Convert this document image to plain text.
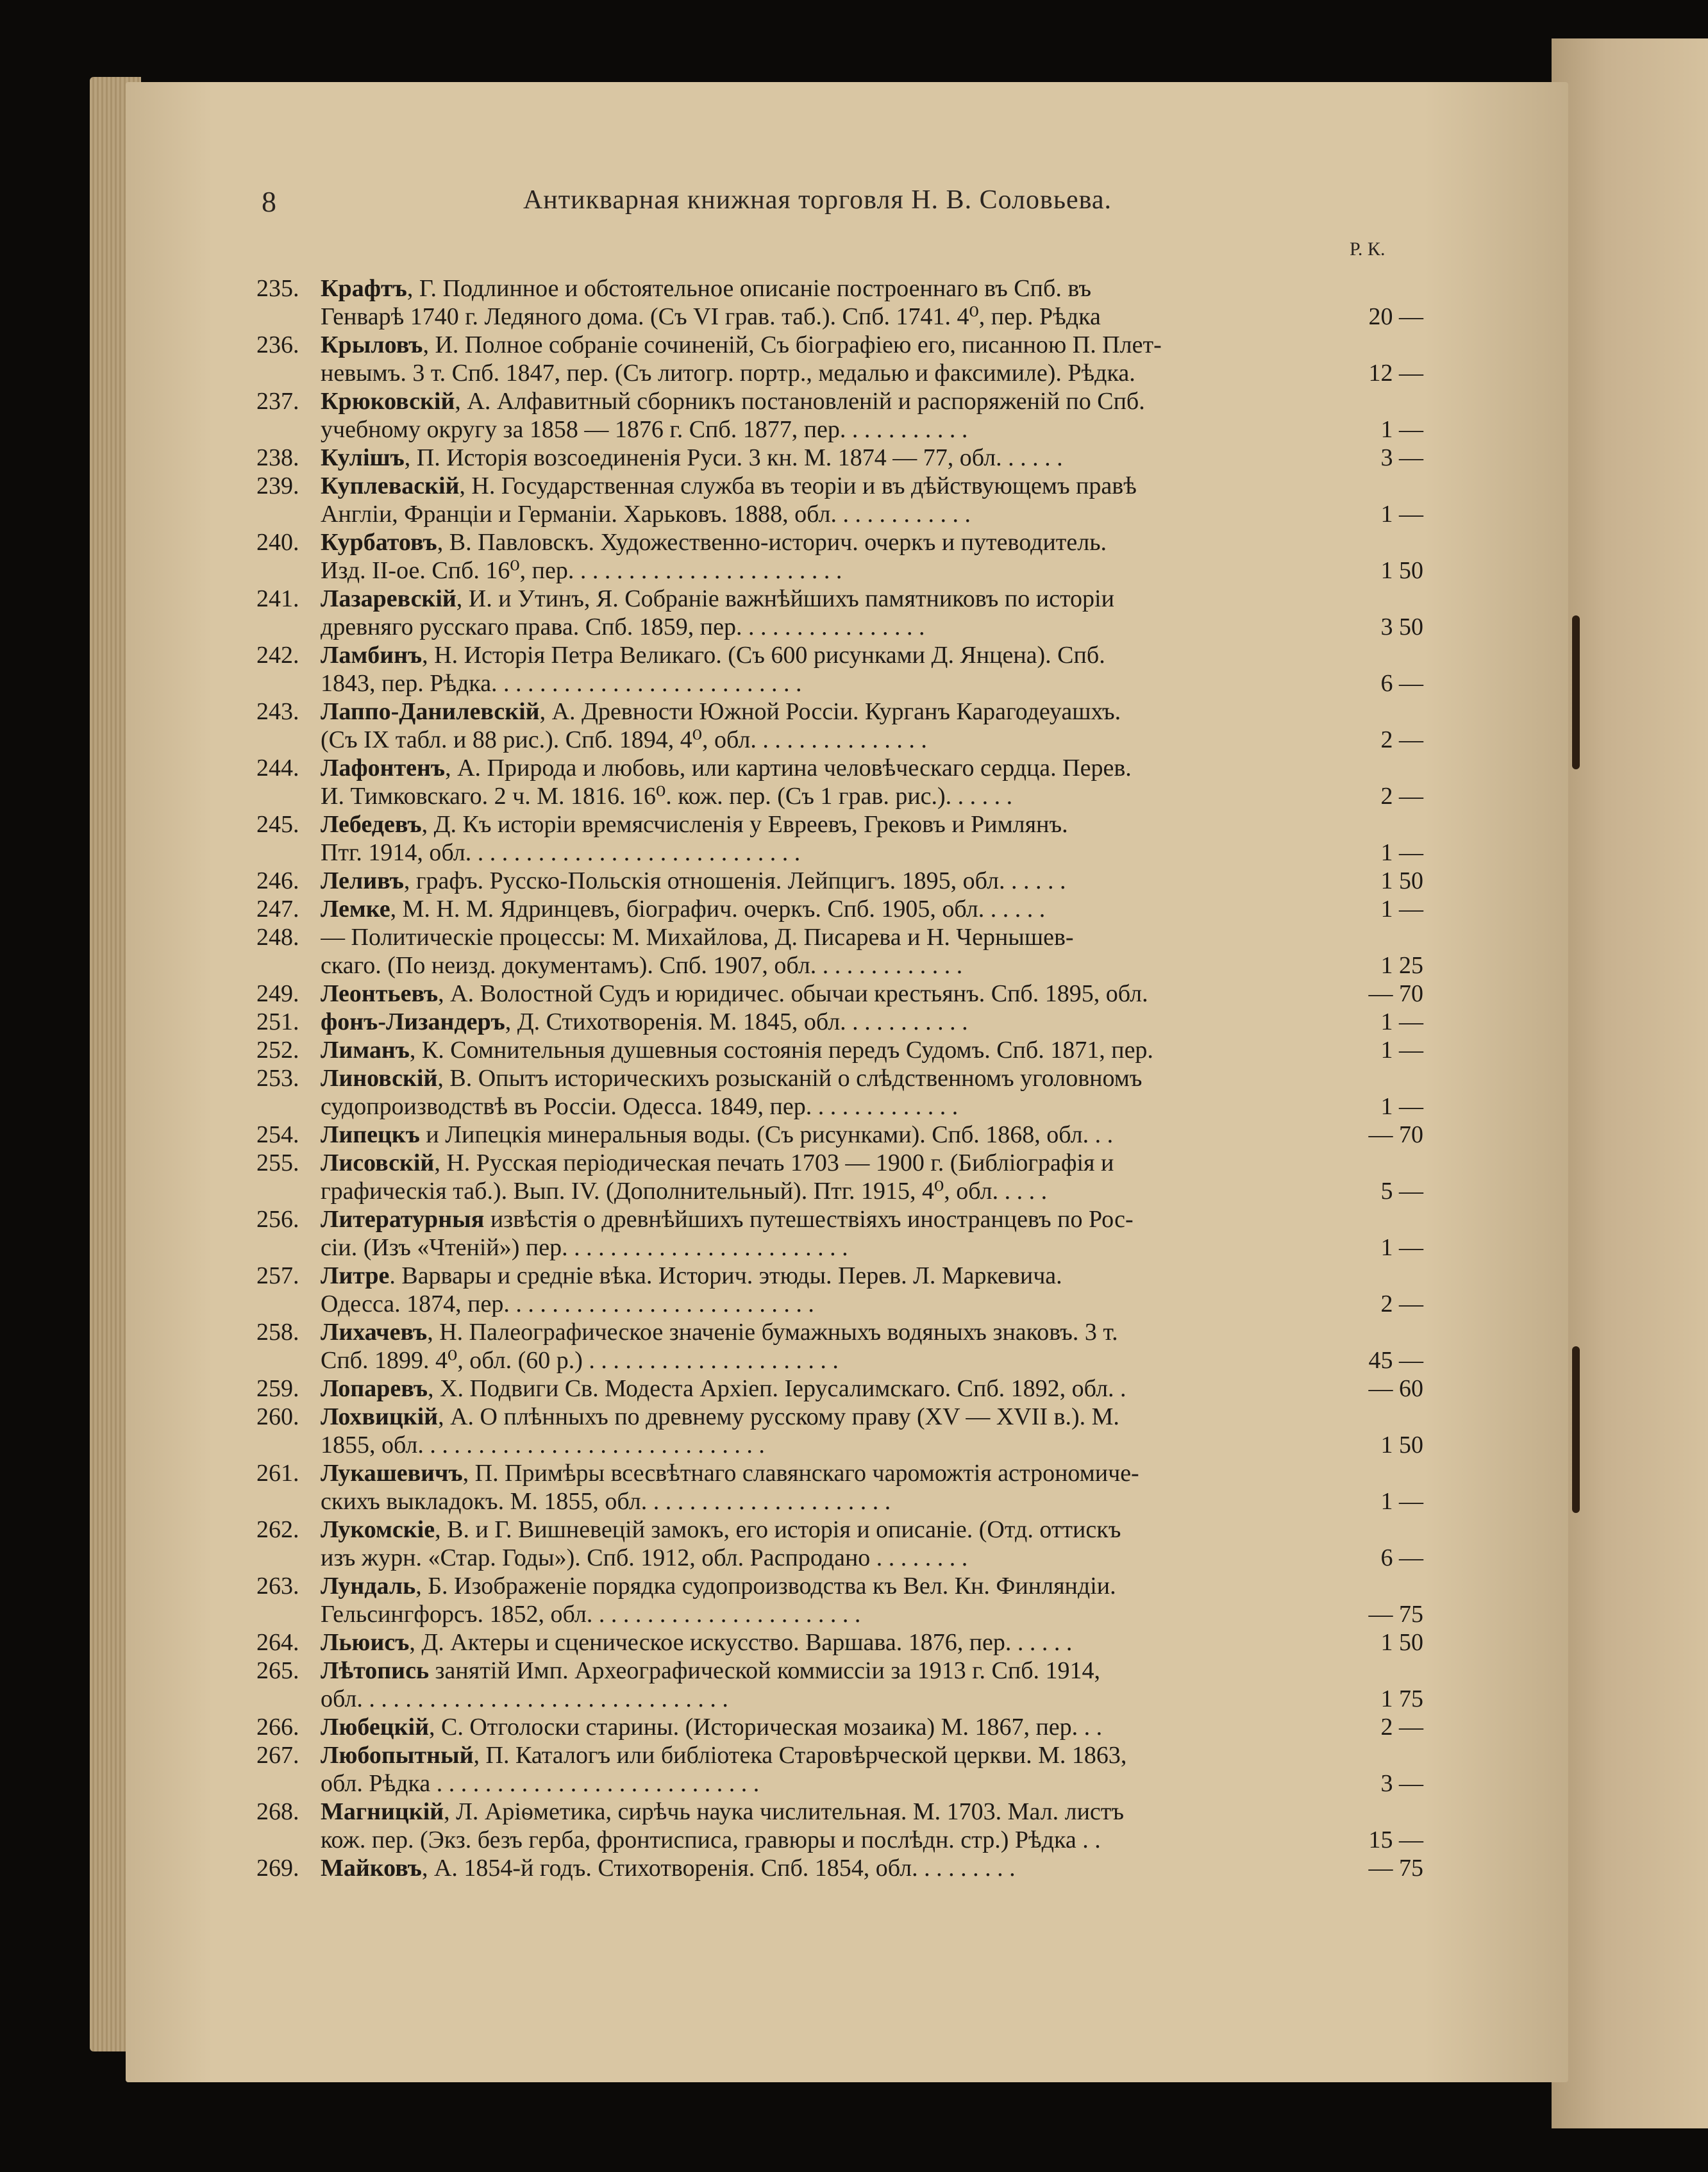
8	Антикварная книжная торговля Н. В. Соловьева.
Р. К.
235. Крафтъ, Г. Подлинное и обстоятельное описаніе построеннаго въ Спб. въ
Генварѣ 1740 г. Ледяного дома. (Съ VI грав. таб.). Спб. 1741. 4⁰, пер. Рѣдка	20 —
236. Крыловъ, И. Полное собраніе сочиненій, Съ біографіею его, писанною П. Плет-
невымъ. 3 т. Спб. 1847, пер. (Съ литогр. портр., медалью и факсимиле). Рѣдка.	12 —
237. Крюковскій, А. Алфавитный сборникъ постановленій и распоряженій по Спб.
учебному округу за 1858 — 1876 г. Спб. 1877, пер. . . . . . . . . . .	1 —
238. Кулішъ, П. Исторія возсоединенія Руси. 3 кн. М. 1874 — 77, обл. . . . . .	3 —
239. Куплеваскій, Н. Государственная служба въ теоріи и въ дѣйствующемъ правѣ
Англіи, Франціи и Германіи. Харьковъ. 1888, обл. . . . . . . . . . . .	1 —
240. Курбатовъ, В. Павловскъ. Художественно-историч. очеркъ и путеводитель.
Изд. II-ое. Спб. 16⁰, пер. . . . . . . . . . . . . . . . . . . . . . .	1 50
241. Лазаревскій, И. и Утинъ, Я. Собраніе важнѣйшихъ памятниковъ по исторіи
древняго русскаго права. Спб. 1859, пер. . . . . . . . . . . . . . . .	3 50
242. Ламбинъ, Н. Исторія Петра Великаго. (Съ 600 рисунками Д. Янцена). Спб.
1843, пер. Рѣдка. . . . . . . . . . . . . . . . . . . . . . . . . .	6 —
243. Лаппо-Данилевскій, А. Древности Южной Россіи. Курганъ Карагодеуашхъ.
(Съ IX табл. и 88 рис.). Спб. 1894, 4⁰, обл. . . . . . . . . . . . . . .	2 —
244. Лафонтенъ, А. Природа и любовь, или картина человѣческаго сердца. Перев.
И. Тимковскаго. 2 ч. М. 1816. 16⁰. кож. пер. (Съ 1 грав. рис.). . . . . .	2 —
245. Лебедевъ, Д. Къ исторіи времясчисленія у Евреевъ, Грековъ и Римлянъ.
Птг. 1914, обл. . . . . . . . . . . . . . . . . . . . . . . . . . . .	1 —
246. Леливъ, графъ. Русско-Польскія отношенія. Лейпцигъ. 1895, обл. . . . . .	1 50
247. Лемке, М. Н. М. Ядринцевъ, біографич. очеркъ. Спб. 1905, обл. . . . . .	1 —
248. — Политическіе процессы: М. Михайлова, Д. Писарева и Н. Чернышев-
скаго. (По неизд. документамъ). Спб. 1907, обл. . . . . . . . . . . . .	1 25
249. Леонтьевъ, А. Волостной Судъ и юридичес. обычаи крестьянъ. Спб. 1895, обл.	— 70
251. фонъ-Лизандеръ, Д. Стихотворенія. М. 1845, обл. . . . . . . . . . .	1 —
252. Лиманъ, К. Сомнительныя душевныя состоянія передъ Судомъ. Спб. 1871, пер.	1 —
253. Линовскій, В. Опытъ историческихъ розысканій о слѣдственномъ уголовномъ
судопроизводствѣ въ Россіи. Одесса. 1849, пер. . . . . . . . . . . . .	1 —
254. Липецкъ и Липецкія минеральныя воды. (Съ рисунками). Спб. 1868, обл. . .	— 70
255. Лисовскій, Н. Русская періодическая печать 1703 — 1900 г. (Библіографія и
графическія таб.). Вып. IV. (Дополнительный). Птг. 1915, 4⁰, обл. . . . .	5 —
256. Литературныя извѣстія о древнѣйшихъ путешествіяхъ иностранцевъ по Рос-
сіи. (Изъ «Чтеній») пер. . . . . . . . . . . . . . . . . . . . . . . .	1 —
257. Литре. Варвары и средніе вѣка. Историч. этюды. Перев. Л. Маркевича.
Одесса. 1874, пер. . . . . . . . . . . . . . . . . . . . . . . . . .	2 —
258. Лихачевъ, Н. Палеографическое значеніе бумажныхъ водяныхъ знаковъ. 3 т.
Спб. 1899. 4⁰, обл. (60 р.) . . . . . . . . . . . . . . . . . . . . .	45 —
259. Лопаревъ, Х. Подвиги Св. Модеста Архіеп. Іерусалимскаго. Спб. 1892, обл. .	— 60
260. Лохвицкій, А. О плѣнныхъ по древнему русскому праву (XV — XVII в.). М.
1855, обл. . . . . . . . . . . . . . . . . . . . . . . . . . . . .	1 50
261. Лукашевичъ, П. Примѣры всесвѣтнаго славянскаго чароможтія астрономиче-
скихъ выкладокъ. М. 1855, обл. . . . . . . . . . . . . . . . . . . . .	1 —
262. Лукомскіе, В. и Г. Вишневецій замокъ, его исторія и описаніе. (Отд. оттискъ
изъ журн. «Стар. Годы»). Спб. 1912, обл. Распродано . . . . . . . .	6 —
263. Лундаль, Б. Изображеніе порядка судопроизводства къ Вел. Кн. Финляндіи.
Гельсингфорсъ. 1852, обл. . . . . . . . . . . . . . . . . . . . . . .	— 75
264. Льюисъ, Д. Актеры и сценическое искусство. Варшава. 1876, пер. . . . . .	1 50
265. Лѣтопись занятій Имп. Археографической коммиссіи за 1913 г. Спб. 1914,
обл. . . . . . . . . . . . . . . . . . . . . . . . . . . . . . .	1 75
266. Любецкій, С. Отголоски старины. (Историческая мозаика) М. 1867, пер. . .	2 —
267. Любопытный, П. Каталогъ или библіотека Старовѣрческой церкви. М. 1863,
обл. Рѣдка . . . . . . . . . . . . . . . . . . . . . . . . . . .	3 —
268. Магницкій, Л. Аріѳметика, сирѣчь наука числительная. М. 1703. Мал. листъ
кож. пер. (Экз. безъ герба, фронтисписа, гравюры и послѣдн. стр.) Рѣдка . .	15 —
269. Майковъ, А. 1854-й годъ. Стихотворенія. Спб. 1854, обл. . . . . . . . .	— 75
